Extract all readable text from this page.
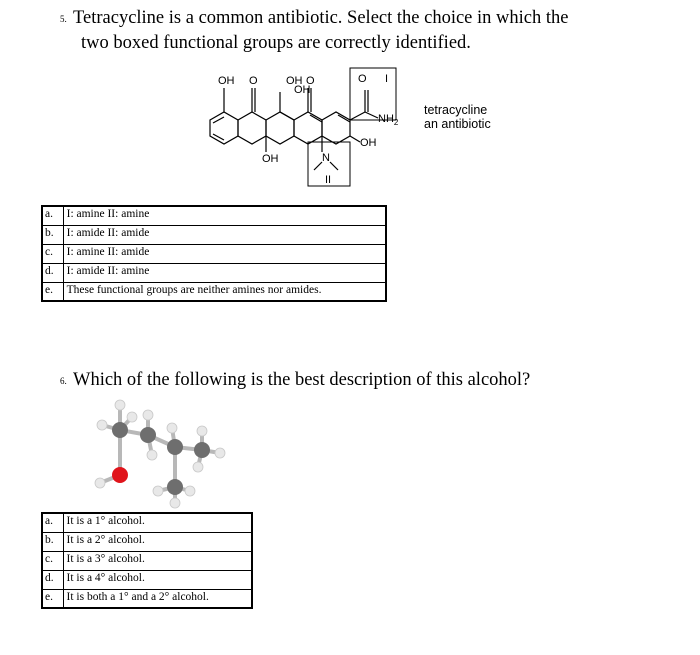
5. Tetracycline is a common antibiotic. Select the choice in which the
two boxed functional groups are correctly identified.
OH O	OH O
OH
O I
$NH_2$
OH
OH	N
II
tetracycline
an antibiotic
a.	I: amine II: amine
b.	I: amide II: amide
c.	I: amine II: amide
d.	I: amide II: amine
e.	These functional groups are neither amines nor amides.
6. Which of the following is the best description of this alcohol?
a.	It is a 1° alcohol.
b.	It is a 2° alcohol.
c.	It is a 3° alcohol.
d.	It is a 4° alcohol.
e.	It is both a 1° and a 2° alcohol.
